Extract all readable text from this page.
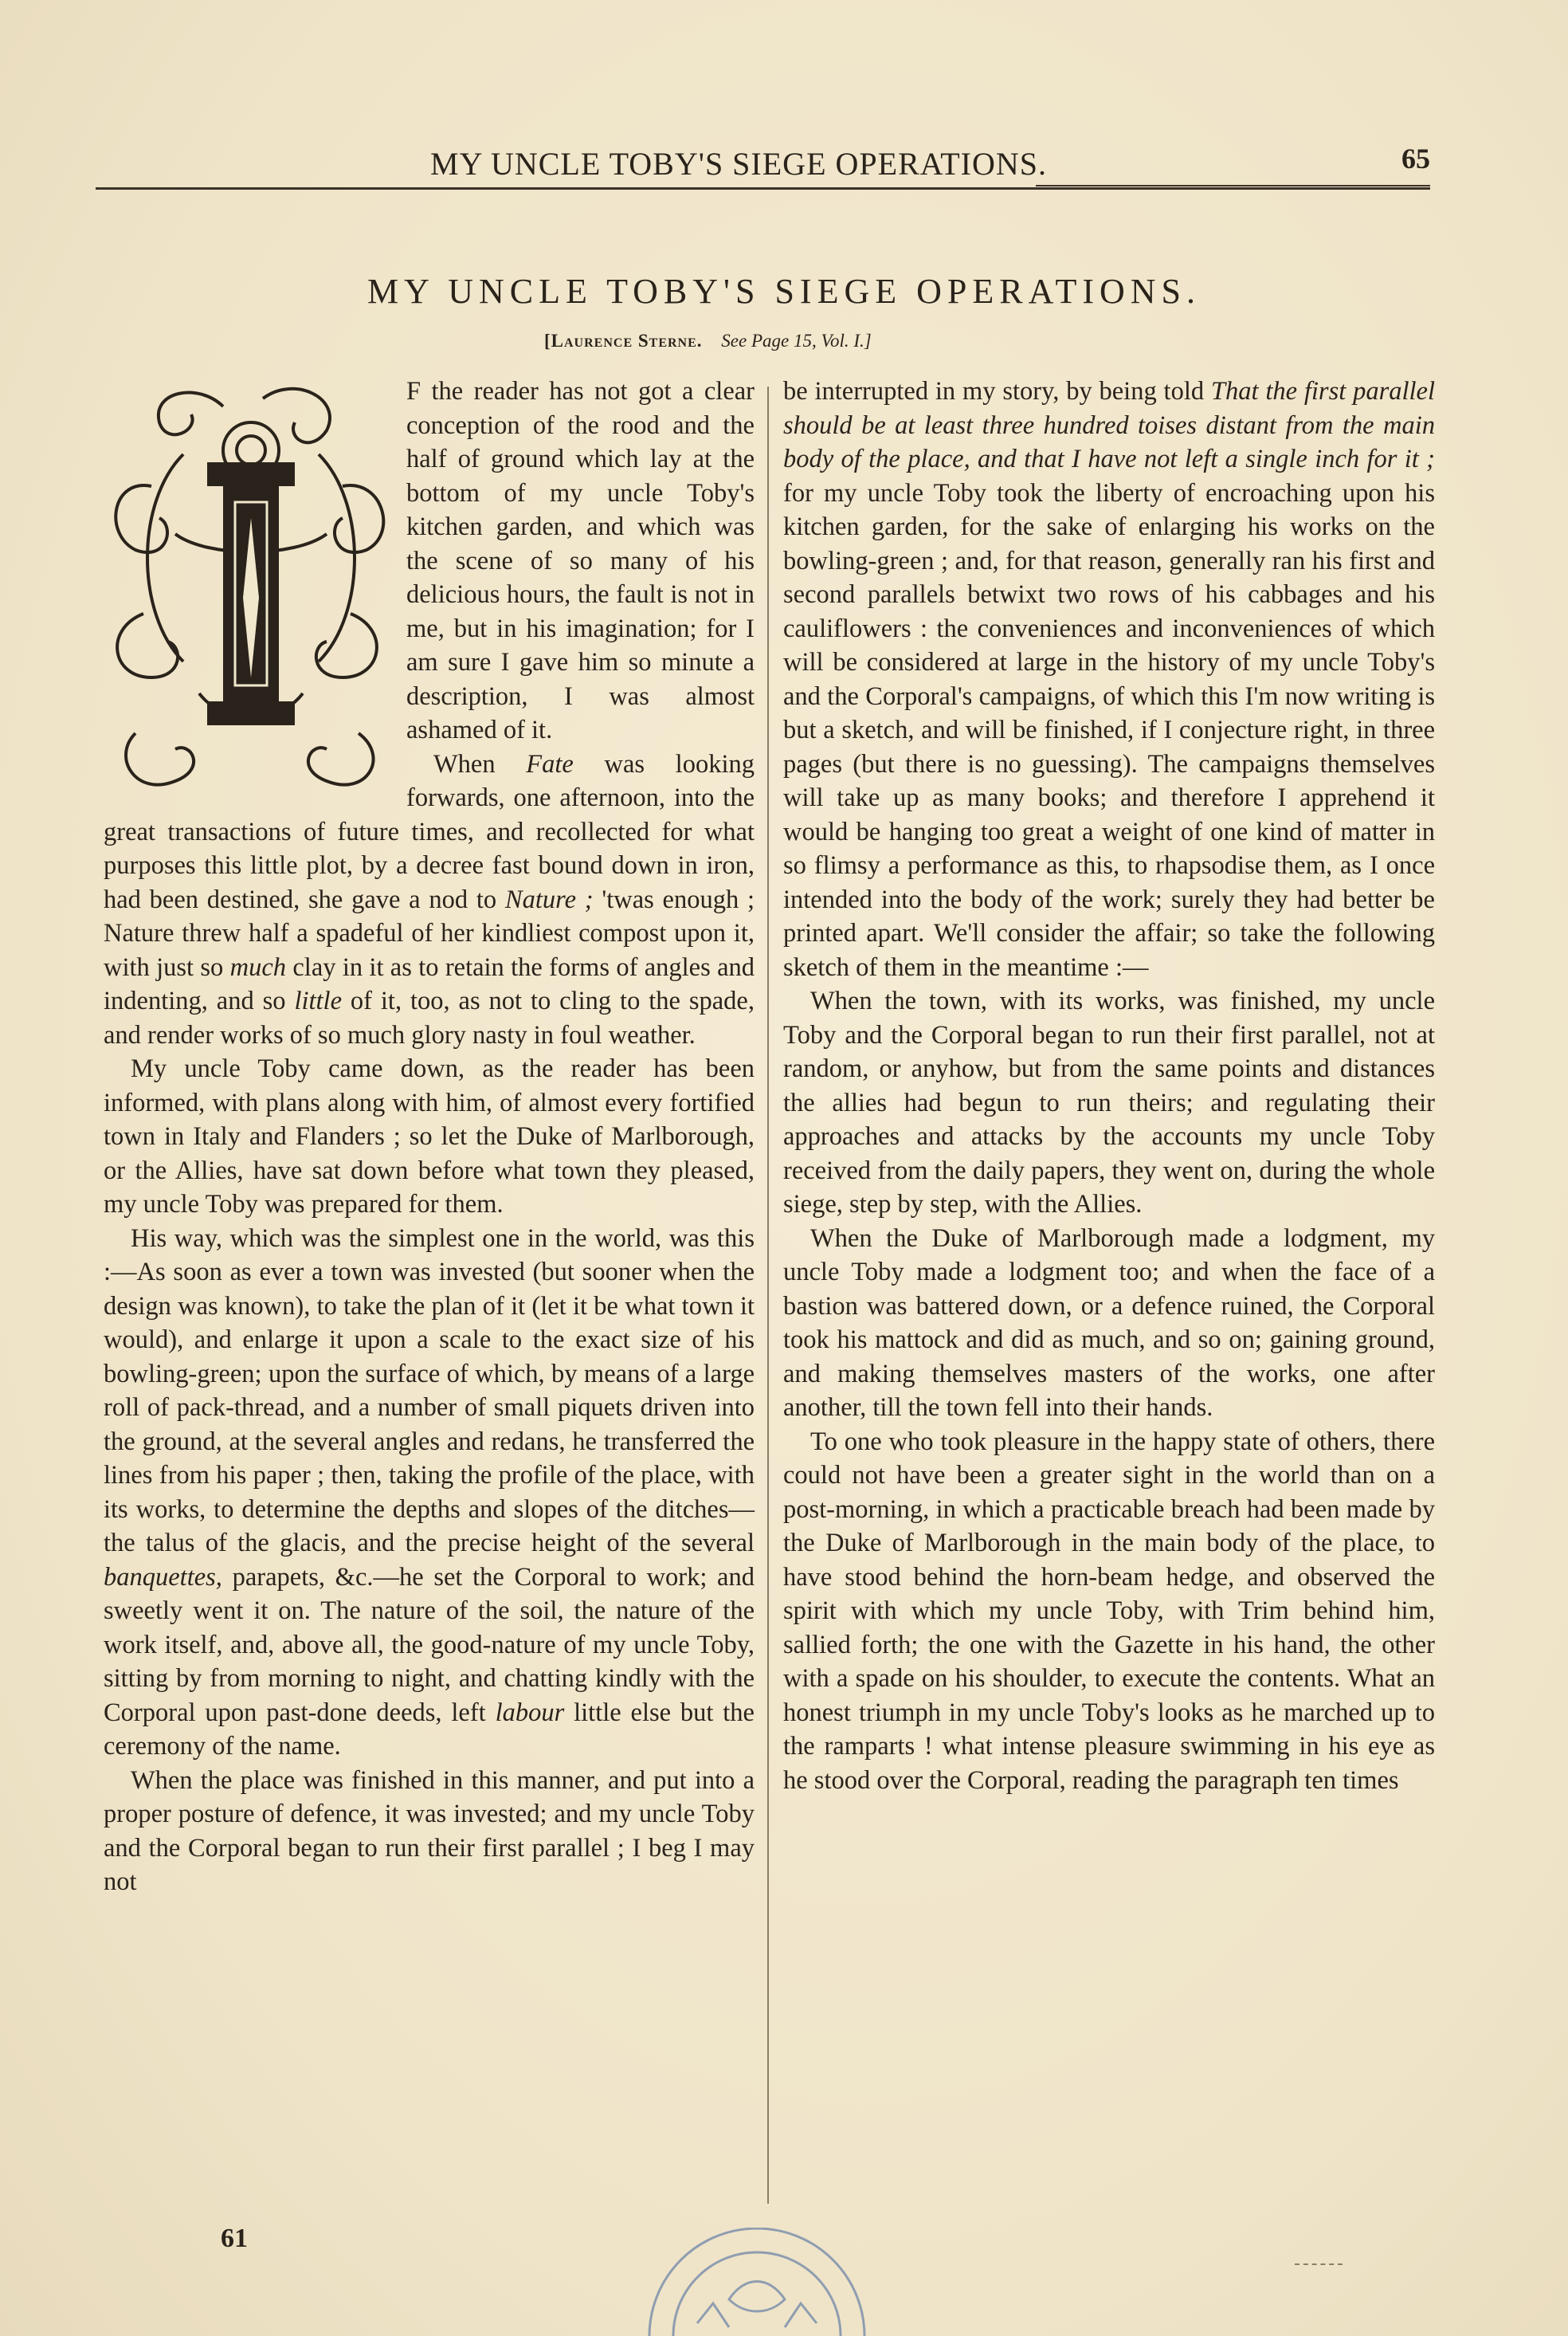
MY UNCLE TOBY'S SIEGE OPERATIONS.	65
MY UNCLE TOBY'S SIEGE OPERATIONS.
[Laurence Sterne. See Page 15, Vol. I.]

F the reader has not got a clear conception of the rood and the half of ground which lay at the bottom of my uncle Toby's kitchen garden, and which was the scene of so many of his delicious hours, the fault is not in me, but in his imagination; for I am sure I gave him so minute a description, I was almost ashamed of it.

When Fate was looking forwards, one afternoon, into the great transactions of future times, and recollected for what purposes this little plot, by a decree fast bound down in iron, had been destined, she gave a nod to Nature ; 'twas enough ; Nature threw half a spadeful of her kindliest compost upon it, with just so much clay in it as to retain the forms of angles and indenting, and so little of it, too, as not to cling to the spade, and render works of so much glory nasty in foul weather.

My uncle Toby came down, as the reader has been informed, with plans along with him, of almost every fortified town in Italy and Flanders ; so let the Duke of Marlborough, or the Allies, have sat down before what town they pleased, my uncle Toby was prepared for them.

His way, which was the simplest one in the world, was this :—As soon as ever a town was invested (but sooner when the design was known), to take the plan of it (let it be what town it would), and enlarge it upon a scale to the exact size of his bowling-green; upon the surface of which, by means of a large roll of pack-thread, and a number of small piquets driven into the ground, at the several angles and redans, he transferred the lines from his paper ; then, taking the profile of the place, with its works, to determine the depths and slopes of the ditches—the talus of the glacis, and the precise height of the several banquettes, parapets, &c.—he set the Corporal to work; and sweetly went it on. The nature of the soil, the nature of the work itself, and, above all, the good-nature of my uncle Toby, sitting by from morning to night, and chatting kindly with the Corporal upon past-done deeds, left labour little else but the ceremony of the name.

When the place was finished in this manner, and put into a proper posture of defence, it was invested; and my uncle Toby and the Corporal began to run their first parallel ; I beg I may not

be interrupted in my story, by being told That the first parallel should be at least three hundred toises distant from the main body of the place, and that I have not left a single inch for it ; for my uncle Toby took the liberty of encroaching upon his kitchen garden, for the sake of enlarging his works on the bowling-green ; and, for that reason, generally ran his first and second parallels betwixt two rows of his cabbages and his cauliflowers : the conveniences and inconveniences of which will be considered at large in the history of my uncle Toby's and the Corporal's campaigns, of which this I'm now writing is but a sketch, and will be finished, if I conjecture right, in three pages (but there is no guessing). The campaigns themselves will take up as many books; and therefore I apprehend it would be hanging too great a weight of one kind of matter in so flimsy a performance as this, to rhapsodise them, as I once intended into the body of the work; surely they had better be printed apart. We'll consider the affair; so take the following sketch of them in the meantime :—

When the town, with its works, was finished, my uncle Toby and the Corporal began to run their first parallel, not at random, or anyhow, but from the same points and distances the allies had begun to run theirs; and regulating their approaches and attacks by the accounts my uncle Toby received from the daily papers, they went on, during the whole siege, step by step, with the Allies.

When the Duke of Marlborough made a lodgment, my uncle Toby made a lodgment too; and when the face of a bastion was battered down, or a defence ruined, the Corporal took his mattock and did as much, and so on; gaining ground, and making themselves masters of the works, one after another, till the town fell into their hands.

To one who took pleasure in the happy state of others, there could not have been a greater sight in the world than on a post-morning, in which a practicable breach had been made by the Duke of Marlborough in the main body of the place, to have stood behind the horn-beam hedge, and observed the spirit with which my uncle Toby, with Trim behind him, sallied forth; the one with the Gazette in his hand, the other with a spade on his shoulder, to execute the contents. What an honest triumph in my uncle Toby's looks as he marched up to the ramparts ! what intense pleasure swimming in his eye as he stood over the Corporal, reading the paragraph ten times

61
